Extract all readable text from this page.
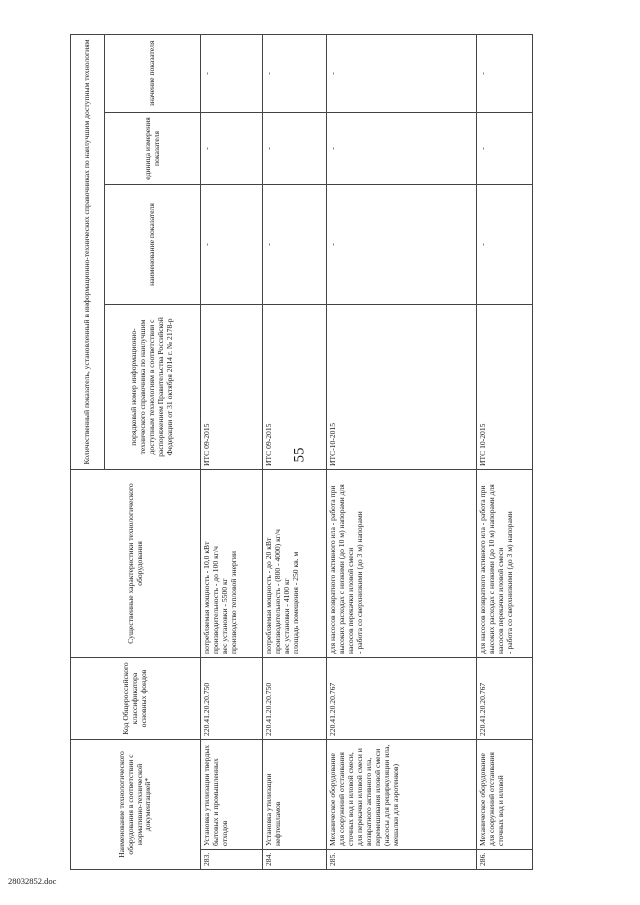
55
Наименование технологического оборудования в соответствии с нормативно-технической документацией*		Код Общероссийского классификатора основных фондов	Существенные характеристики технологического оборудования	Количественный показатель, установленный в информационно-технических справочниках по наилучшим доступным технологиям			
				порядковый номер информационно-технического справочника по наилучшим доступным технологиям в соответствии с распоряжением Правительства Российской Федерации от 31 октября 2014 г. № 2178-р	наименование показателя	единица измерения показателя	значение показателя
283.	Установка утилизации твердых бытовых и промышленных отходов	220.41.20.20.750	потребляемая мощность - 10,0 кВт производительность - до 100 кг/ч вес установки - 5500 кг производство тепловой энергии	ИТС 09-2015	-	-	-
284.	Установка утилизации нефтешламов	220.41.20.20.750	потребляемая мощность - до 20 кВт производительность - (800 - 4000) кг/ч вес установки - 4100 кг площадь помещения - 250 кв. м	ИТС 09-2015	-	-	-
285.	Механическое оборудование для сооружений отстаивания сточных вод и иловой смеси, для перекачки иловой смеси и возвратного активного ила, перемешивания иловой смеси (насосы для рециркуляции ила, мешалки для аэротенков)	220.41.20.20.767	для насосов возвратного активного ила - работа при высоких расходах с низкими (до 10 м) напорами для насосов перекачки иловой смеси - работа со сверхнизкими (до 3 м) напорами	ИТС-10-2015	-	-	-
286.	Механическое оборудование для сооружений отстаивания сточных вод и иловой	220.41.20.20.767	для насосов возвратного активного ила - работа при высоких расходах с низкими (до 10 м) напорами для насосов перекачки иловой смеси - работа со сверхнизкими (до 3 м) напорами	ИТС 10-2015	-	-	-
28032852.doc
